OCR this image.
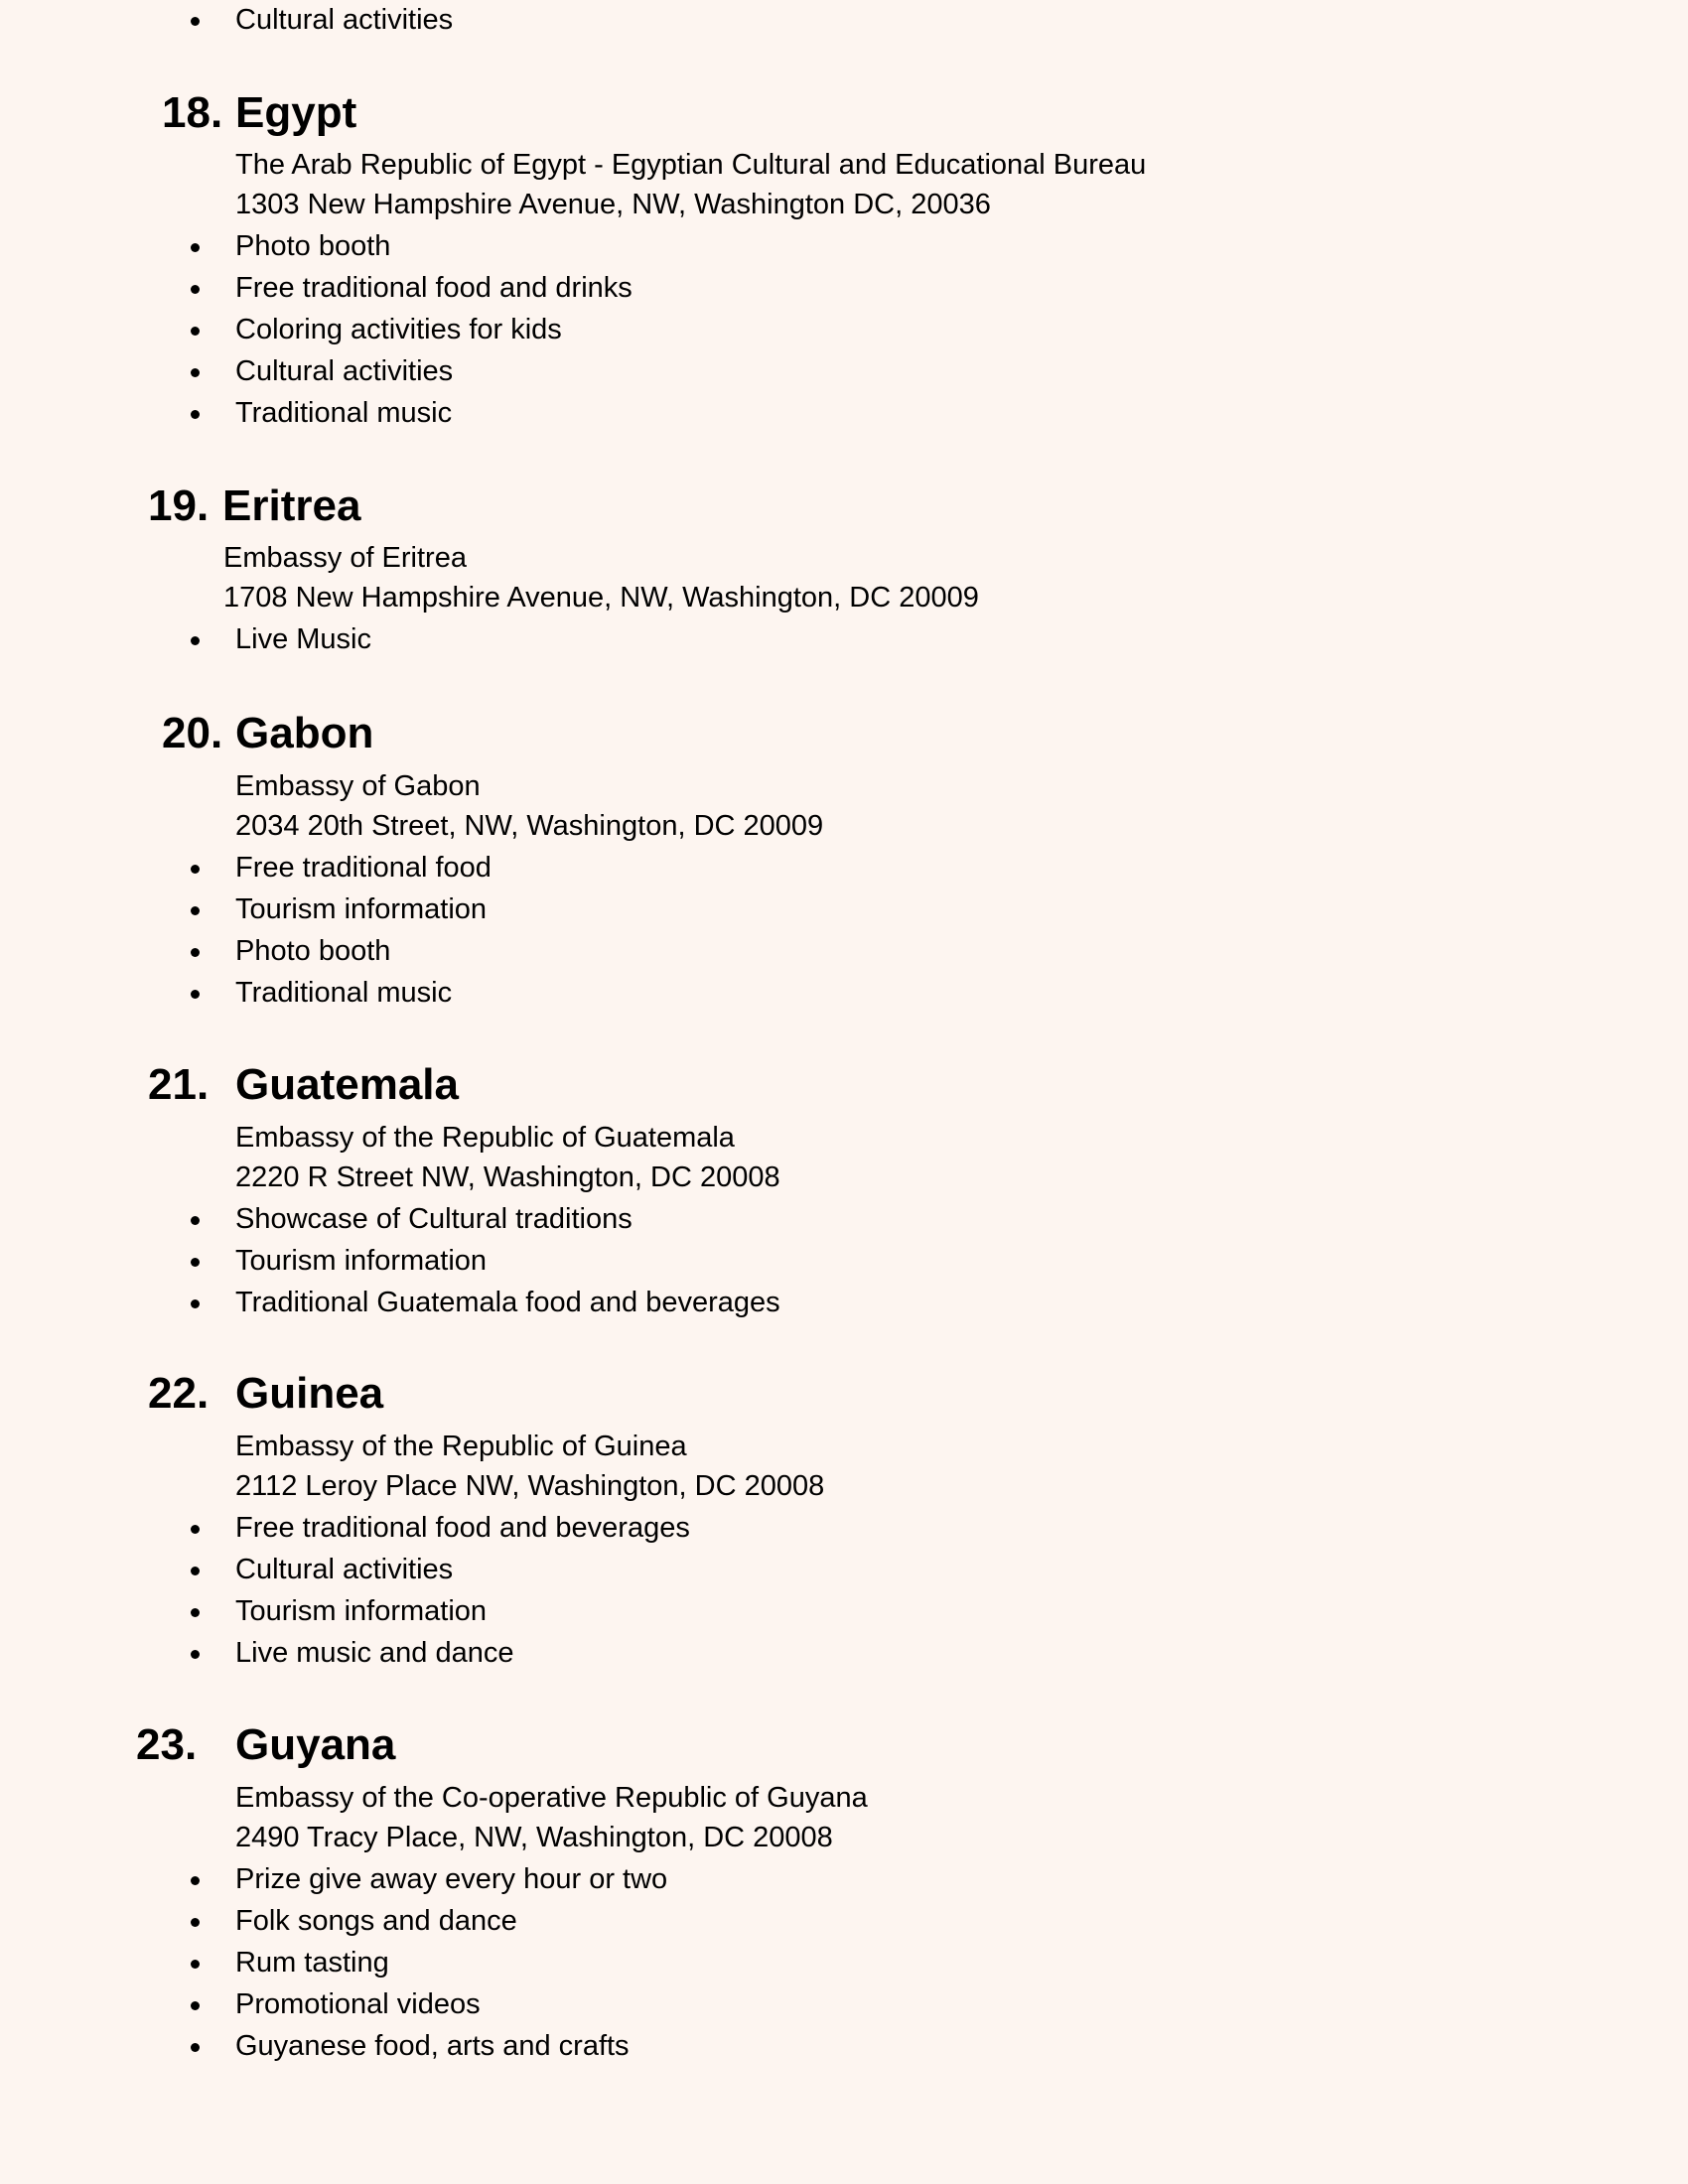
Cultural activities
18. Egypt
The Arab Republic of Egypt - Egyptian Cultural and Educational Bureau
1303 New Hampshire Avenue, NW, Washington DC, 20036
Photo booth
Free traditional food and drinks
Coloring activities for kids
Cultural activities
Traditional music
19. Eritrea
Embassy of Eritrea
1708 New Hampshire Avenue, NW, Washington, DC 20009
Live Music
20. Gabon
Embassy of Gabon
2034 20th Street, NW, Washington, DC 20009
Free traditional food
Tourism information
Photo booth
Traditional music
21. Guatemala
Embassy of the Republic of Guatemala
2220 R Street NW, Washington, DC 20008
Showcase of Cultural traditions
Tourism information
Traditional Guatemala food and beverages
22. Guinea
Embassy of the Republic of Guinea
2112 Leroy Place NW, Washington, DC 20008
Free traditional food and beverages
Cultural activities
Tourism information
Live music and dance
23. Guyana
Embassy of the Co-operative Republic of Guyana
2490 Tracy Place, NW, Washington, DC 20008
Prize give away every hour or two
Folk songs and dance
Rum tasting
Promotional videos
Guyanese food, arts and crafts
